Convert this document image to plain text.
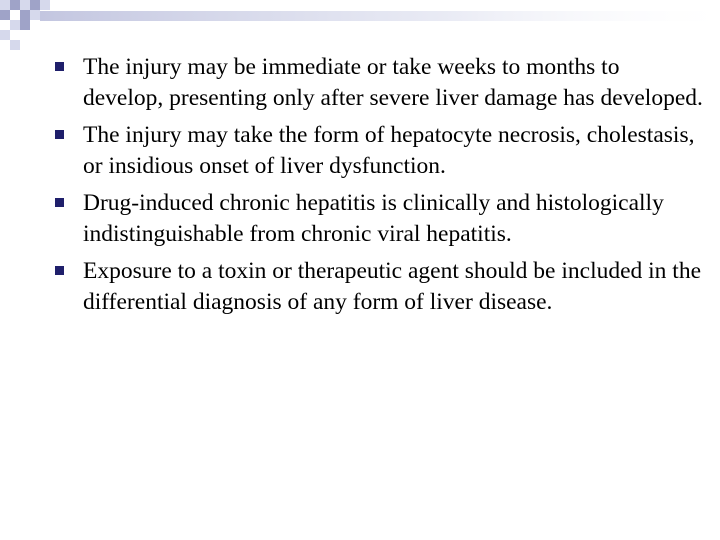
The injury may be immediate or take weeks to months to develop, presenting only after severe liver damage has developed.
The injury may take the form of hepatocyte necrosis, cholestasis, or insidious onset of liver dysfunction.
Drug-induced chronic hepatitis is clinically and histologically indistinguishable from chronic viral hepatitis.
Exposure to a toxin or therapeutic agent should be included in the differential diagnosis of any form of liver disease.
